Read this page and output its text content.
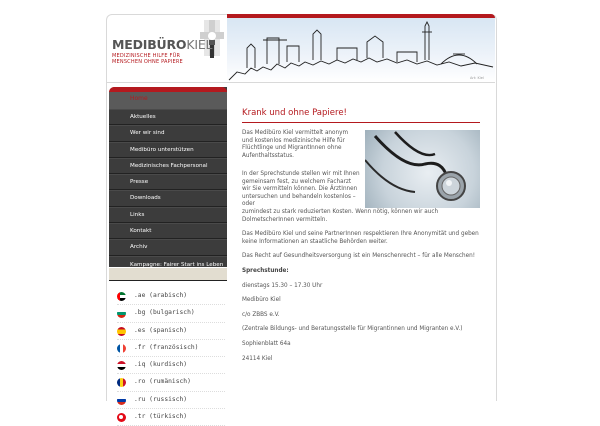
MEDIBÜROKIEL
MEDIZINISCHE HILFE FÜR
MENSCHEN OHNE PAPIERE
Art: Kiel
Home
Aktuelles
Wer wir sind
Medibüro unterstützen
Medizinisches Fachpersonal
Presse
Downloads
Links
Kontakt
Archiv
Kampagne: Fairer Start ins Leben
.ae (arabisch)
.bg (bulgarisch)
.es (spanisch)
.fr (französisch)
.iq (kurdisch)
.ro (rumänisch)
.ru (russisch)
.tr (türkisch)
Krank und ohne Papiere!

Das Medibüro Kiel vermittelt anonym und kostenlos medizinische Hilfe für Flüchtlinge und MigrantInnen ohne Aufenthaltsstatus.

In der Sprechstunde stellen wir mit Ihnen gemeinsam fest, zu welchem Facharzt wir Sie vermitteln können. Die ÄrztInnen untersuchen und behandeln kostenlos – oder

zumindest zu stark reduzierten Kosten. Wenn nötig, können wir auch DolmetscherInnen vermitteln.

Das Medibüro Kiel und seine PartnerInnen respektieren Ihre Anonymität und geben keine Informationen an staatliche Behörden weiter.

Das Recht auf Gesundheitsversorgung ist ein Menschenrecht – für alle Menschen!

Sprechstunde:

dienstags 15.30 – 17.30 Uhr

Medibüro Kiel

c/o ZBBS e.V.

(Zentrale Bildungs- und Beratungsstelle für Migrantinnen und Migranten e.V.)

Sophienblatt 64a

24114 Kiel
